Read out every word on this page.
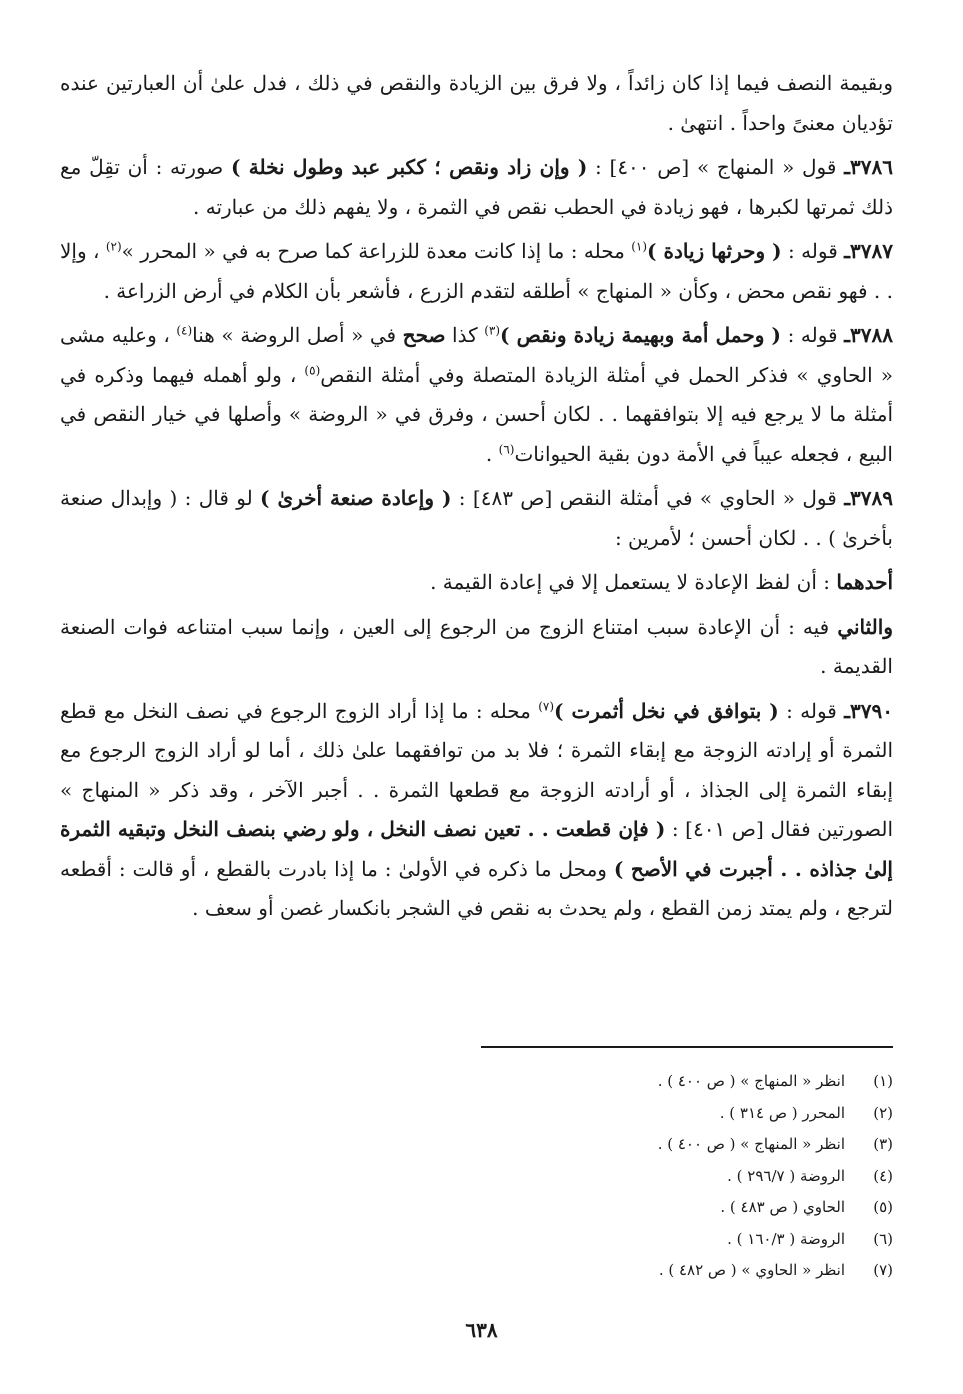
وبقيمة النصف فيما إذا كان زائداً ، ولا فرق بين الزيادة والنقص في ذلك ، فدل علىٰ أن العبارتين عنده تؤديان معنىً واحداً . انتهىٰ .

٣٧٨٦ـ قول « المنهاج » [ص ٤٠٠] : ( وإن زاد ونقص ؛ ككبر عبد وطول نخلة ) صورته : أن تقِلّ مع ذلك ثمرتها لكبرها ، فهو زيادة في الحطب نقص في الثمرة ، ولا يفهم ذلك من عبارته .

٣٧٨٧ـ قوله : ( وحرثها زيادة )$^{(١)}$ محله : ما إذا كانت معدة للزراعة كما صرح به في « المحرر »$^{(٢)}$ ، وإلا . . فهو نقص محض ، وكأن « المنهاج » أطلقه لتقدم الزرع ، فأشعر بأن الكلام في أرض الزراعة .

٣٧٨٨ـ قوله : ( وحمل أمة وبهيمة زيادة ونقص )$^{(٣)}$ كذا صحح في « أصل الروضة » هنا$^{(٤)}$ ، وعليه مشى « الحاوي » فذكر الحمل في أمثلة الزيادة المتصلة وفي أمثلة النقص$^{(٥)}$ ، ولو أهمله فيهما وذكره في أمثلة ما لا يرجع فيه إلا بتوافقهما . . لكان أحسن ، وفرق في « الروضة » وأصلها في خيار النقص في البيع ، فجعله عيباً في الأمة دون بقية الحيوانات$^{(٦)}$ .

٣٧٨٩ـ قول « الحاوي » في أمثلة النقص [ص ٤٨٣] : ( وإعادة صنعة أخرىٰ ) لو قال : ( وإبدال صنعة بأخرىٰ ) . . لكان أحسن ؛ لأمرين :

أحدهما : أن لفظ الإعادة لا يستعمل إلا في إعادة القيمة .

والثاني فيه : أن الإعادة سبب امتناع الزوج من الرجوع إلى العين ، وإنما سبب امتناعه فوات الصنعة القديمة .

٣٧٩٠ـ قوله : ( بتوافق في نخل أثمرت )$^{(٧)}$ محله : ما إذا أراد الزوج الرجوع في نصف النخل مع قطع الثمرة أو إرادته الزوجة مع إبقاء الثمرة ؛ فلا بد من توافقهما علىٰ ذلك ، أما لو أراد الزوج الرجوع مع إبقاء الثمرة إلى الجذاذ ، أو أرادته الزوجة مع قطعها الثمرة . . أجبر الآخر ، وقد ذكر « المنهاج » الصورتين فقال [ص ٤٠١] : ( فإن قطعت . . تعين نصف النخل ، ولو رضي بنصف النخل وتبقيه الثمرة إلىٰ جذاذه . . أجبرت في الأصح ) ومحل ما ذكره في الأولىٰ : ما إذا بادرت بالقطع ، أو قالت : أقطعه لترجع ، ولم يمتد زمن القطع ، ولم يحدث به نقص في الشجر بانكسار غصن أو سعف .

(١)
انظر « المنهاج » ( ص ٤٠٠ ) .
(٢)
المحرر ( ص ٣١٤ ) .
(٣)
انظر « المنهاج » ( ص ٤٠٠ ) .
(٤)
الروضة ( ٢٩٦/٧ ) .
(٥)
الحاوي ( ص ٤٨٣ ) .
(٦)
الروضة ( ١٦٠/٣ ) .
(٧)
انظر « الحاوي » ( ص ٤٨٢ ) .
٦٣٨
